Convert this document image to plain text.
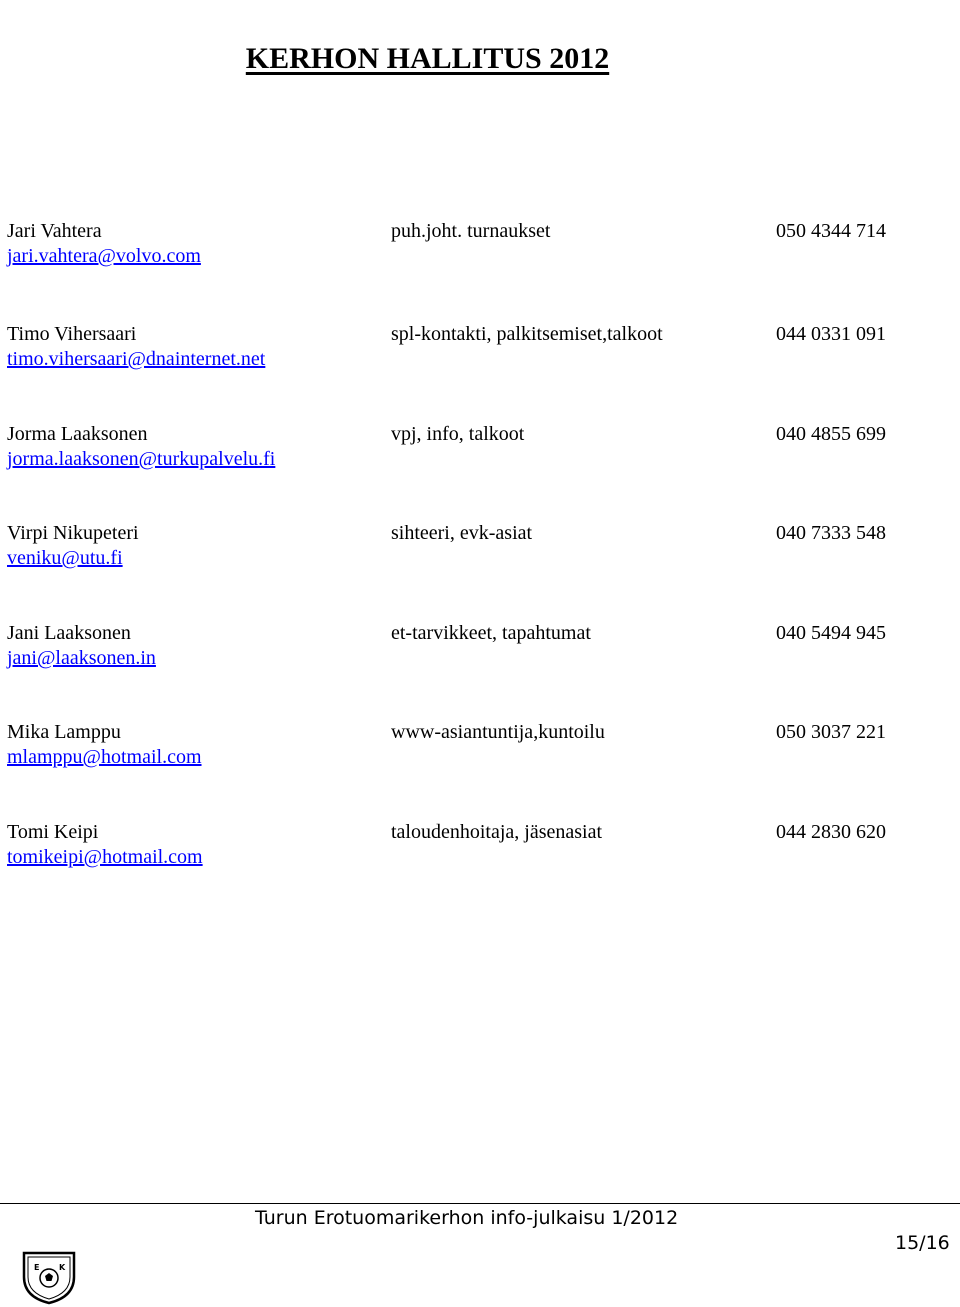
KERHON HALLITUS 2012
Jari Vahtera	puh.joht. turnaukset	050 4344 714
jari.vahtera@volvo.com
Timo Vihersaari	spl-kontakti, palkitsemiset,talkoot	044 0331 091
timo.vihersaari@dnainternet.net
Jorma Laaksonen	vpj, info, talkoot	040 4855 699
jorma.laaksonen@turkupalvelu.fi
Virpi Nikupeteri	sihteeri, evk-asiat	040 7333 548
veniku@utu.fi
Jani Laaksonen	et-tarvikkeet, tapahtumat	040 5494 945
jani@laaksonen.in
Mika Lamppu	www-asiantuntija,kuntoilu	050 3037 221
mlamppu@hotmail.com
Tomi Keipi	taloudenhoitaja, jäsenasiat	044 2830 620
tomikeipi@hotmail.com
Turun Erotuomarikerhon info-julkaisu 1/2012
15/16
E K
